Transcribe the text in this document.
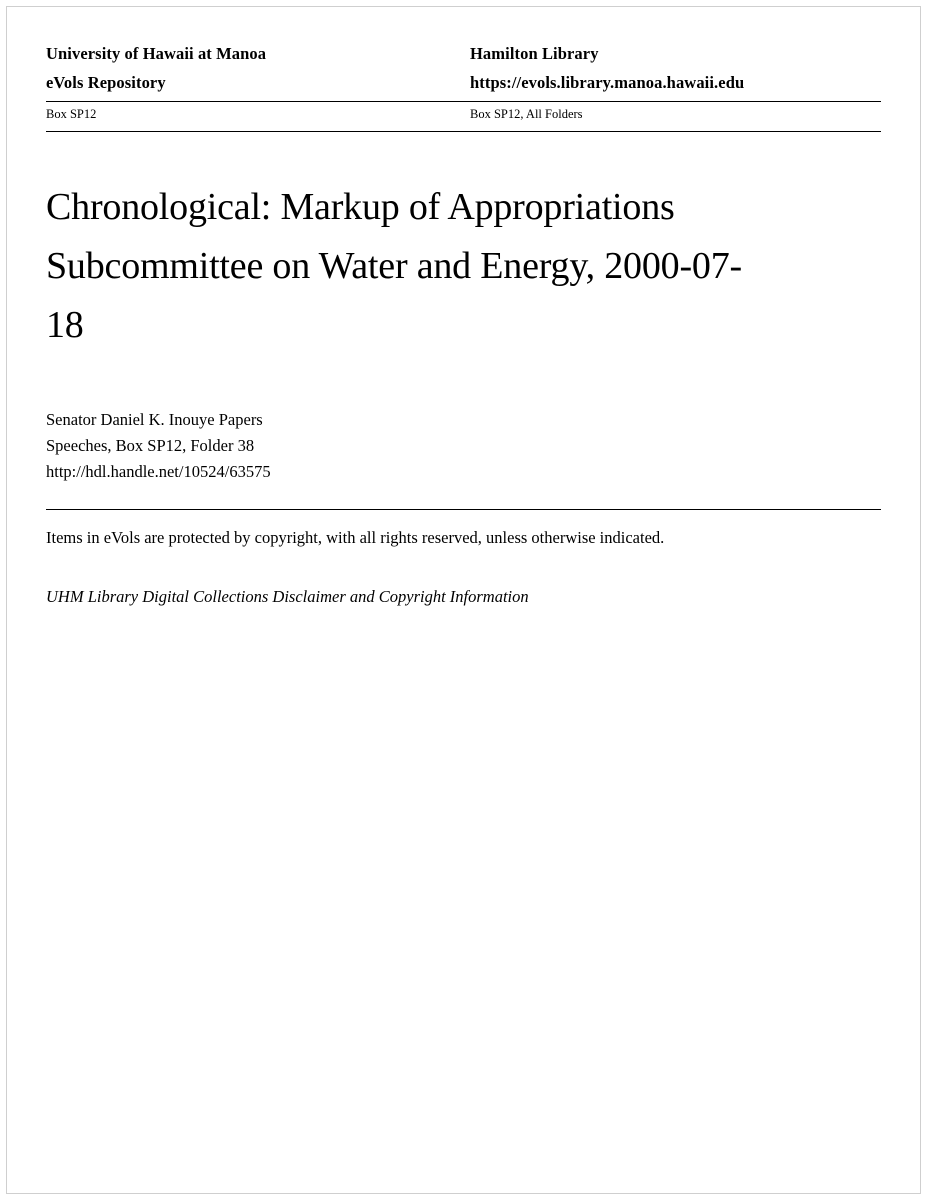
University of Hawaii at Manoa	Hamilton Library
eVols Repository	https://evols.library.manoa.hawaii.edu
Box SP12	Box SP12, All Folders
Chronological: Markup of Appropriations Subcommittee on Water and Energy, 2000-07-18
Senator Daniel K. Inouye Papers
Speeches, Box SP12, Folder 38
http://hdl.handle.net/10524/63575
Items in eVols are protected by copyright, with all rights reserved, unless otherwise indicated.
UHM Library Digital Collections Disclaimer and Copyright Information
